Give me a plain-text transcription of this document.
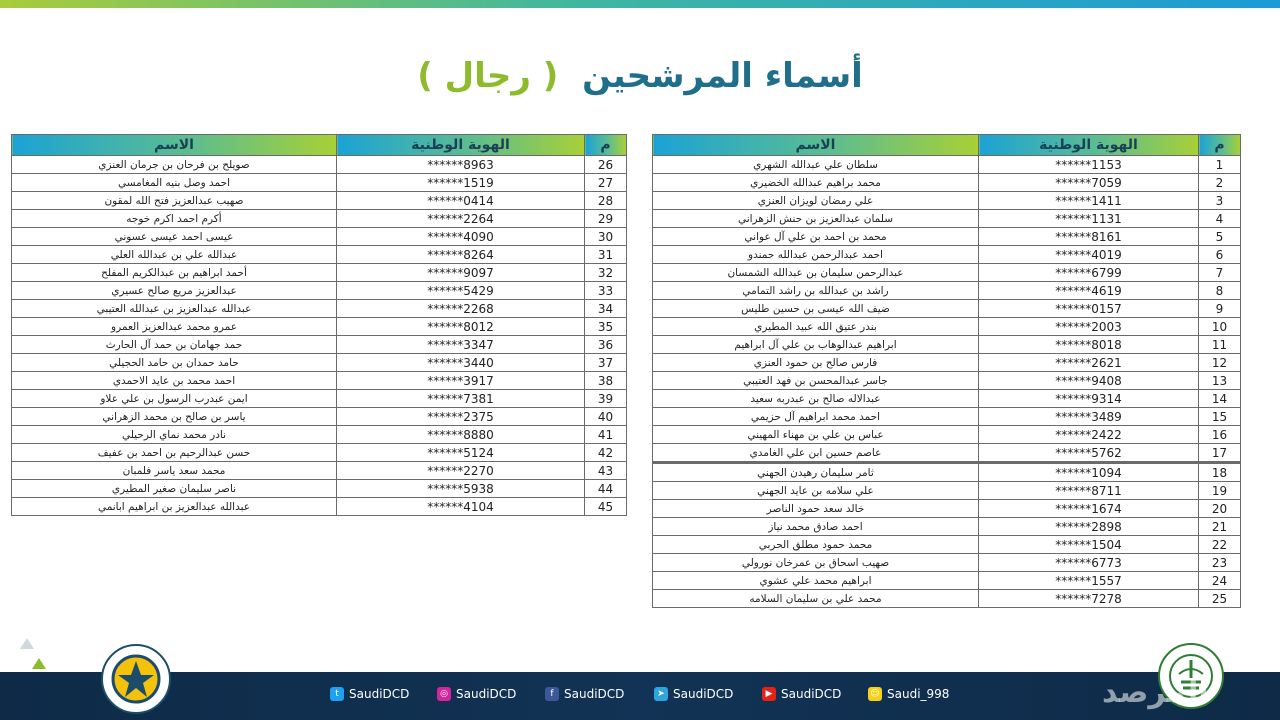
أسماء المرشحين ( رجال )
م	الهوية الوطنية	الاسم
1	******1153	سلطان علي عبدالله الشهري
2	******7059	محمد براهيم عبدالله الخضيري
3	******1411	علي رمضان لويزان العنزي
4	******1131	سلمان عبدالعزيز بن حنش الزهراني
5	******8161	محمد بن احمد بن علي آل عواني
6	******4019	احمد عبدالرحمن عبدالله حمندو
7	******6799	عبدالرحمن سليمان بن عبدالله الشمسان
8	******4619	راشد بن عبدالله بن راشد التمامي
9	******0157	ضيف الله عيسى بن حسين طليس
10	******2003	بندر عتيق الله عبيد المطيري
11	******8018	ابراهيم عبدالوهاب بن علي آل ابراهيم
12	******2621	فارس صالح بن حمود العنزي
13	******9408	جاسر عبدالمحسن بن فهد العتيبي
14	******9314	عبدالاله صالح بن عبدربه سعيد
15	******3489	احمد محمد ابراهيم آل حزيمي
16	******2422	عباس بن علي بن مهناء المهيني
17	******5762	عاصم حسين ابن علي الغامدي
18	******1094	ثامر سليمان رهيدن الجهني
19	******8711	علي سلامه بن عايد الجهني
20	******1674	خالد سعد حمود الناصر
21	******2898	احمد صادق محمد نياز
22	******1504	محمد حمود مطلق الحربي
23	******6773	صهيب اسحاق بن عمرخان نورولي
24	******1557	ابراهيم محمد علي عشوي
25	******7278	محمد علي بن سليمان السلامه
م	الهوية الوطنية	الاسم
26	******8963	صويلح بن فرحان بن جرمان العنزي
27	******1519	احمد وصل بنيه المغامسي
28	******0414	صهيب عبدالعزيز فتح الله لمقون
29	******2264	أكرم احمد اكرم خوجه
30	******4090	عيسى احمد عيسى عسوني
31	******8264	عبدالله علي بن عبدالله العلي
32	******9097	أحمد ابراهيم بن عبدالكريم المفلح
33	******5429	عبدالعزيز مريع صالح عسيري
34	******2268	عبدالله عبدالعزيز بن عبدالله العتيبي
35	******8012	عمرو محمد عبدالعزيز العمرو
36	******3347	حمد جهامان بن حمد آل الحارث
37	******3440	حامد حمدان بن حامد الحجيلي
38	******3917	احمد محمد بن عايد الاحمدي
39	******7381	ايمن عبدرب الرسول بن علي علاو
40	******2375	ياسر بن صالح بن محمد الزهراني
41	******8880	نادر محمد نماي الرحيلي
42	******5124	حسن عبدالرحيم بن احمد بن عفيف
43	******2270	محمد سعد ياسر فلمبان
44	******5938	ناصر سليمان صغير المطيري
45	******4104	عبدالله عبدالعزيز بن ابراهيم ابانمي
المرصد
t SaudiDCD	◎ SaudiDCD	f SaudiDCD	➤ SaudiDCD	▶ SaudiDCD	☺ Saudi_998
